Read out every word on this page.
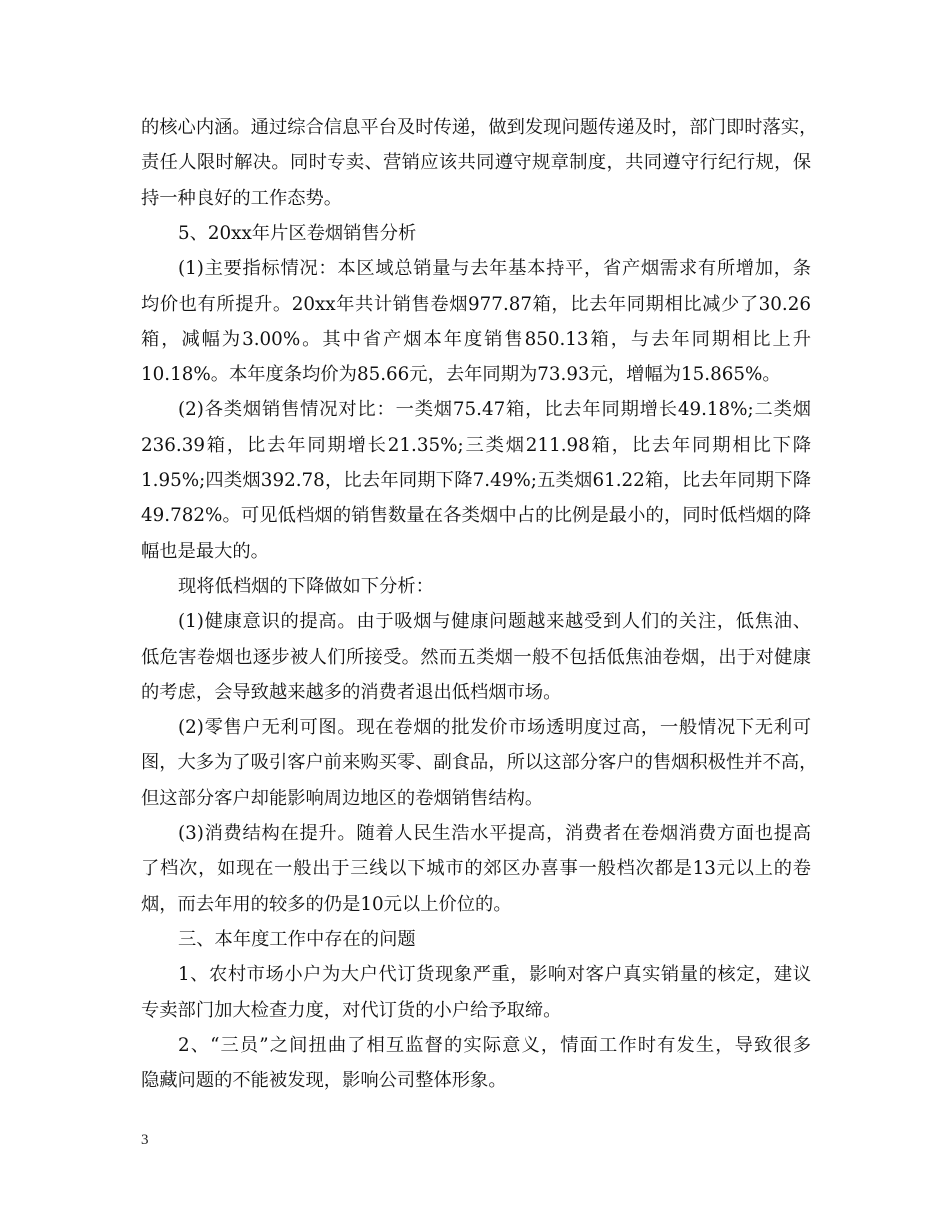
的核心内涵。通过综合信息平台及时传递，做到发现问题传递及时，部门即时落实，
责任人限时解决。同时专卖、营销应该共同遵守规章制度，共同遵守行纪行规，保
持一种良好的工作态势。
5、20xx年片区卷烟销售分析
(1)主要指标情况：本区域总销量与去年基本持平，省产烟需求有所增加，条
均价也有所提升。20xx年共计销售卷烟977.87箱，比去年同期相比减少了30.26
箱，减幅为3.00%。其中省产烟本年度销售850.13箱，与去年同期相比上升
10.18%。本年度条均价为85.66元，去年同期为73.93元，增幅为15.865%。
(2)各类烟销售情况对比：一类烟75.47箱，比去年同期增长49.18%;二类烟
236.39箱，比去年同期增长21.35%;三类烟211.98箱，比去年同期相比下降
1.95%;四类烟392.78，比去年同期下降7.49%;五类烟61.22箱，比去年同期下降
49.782%。可见低档烟的销售数量在各类烟中占的比例是最小的，同时低档烟的降
幅也是最大的。
现将低档烟的下降做如下分析：
(1)健康意识的提高。由于吸烟与健康问题越来越受到人们的关注，低焦油、
低危害卷烟也逐步被人们所接受。然而五类烟一般不包括低焦油卷烟，出于对健康
的考虑，会导致越来越多的消费者退出低档烟市场。
(2)零售户无利可图。现在卷烟的批发价市场透明度过高，一般情况下无利可
图，大多为了吸引客户前来购买零、副食品，所以这部分客户的售烟积极性并不高，
但这部分客户却能影响周边地区的卷烟销售结构。
(3)消费结构在提升。随着人民生浩水平提高，消费者在卷烟消费方面也提高
了档次，如现在一般出于三线以下城市的郊区办喜事一般档次都是13元以上的卷
烟，而去年用的较多的仍是10元以上价位的。
三、本年度工作中存在的问题
1、农村市场小户为大户代订货现象严重，影响对客户真实销量的核定，建议
专卖部门加大检查力度，对代订货的小户给予取缔。
2、“三员”之间扭曲了相互监督的实际意义，情面工作时有发生，导致很多
隐藏问题的不能被发现，影响公司整体形象。
3
